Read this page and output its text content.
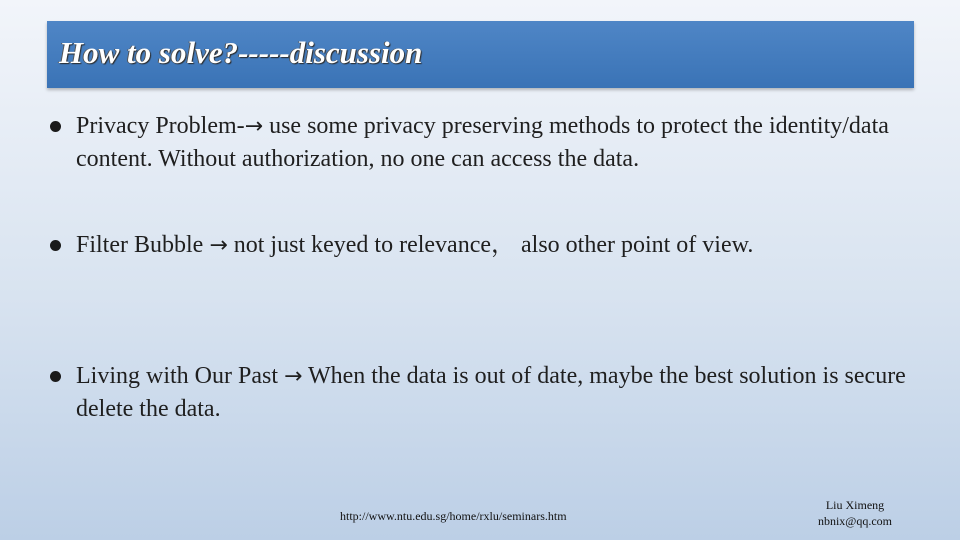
How to solve?-----discussion
Privacy Problem-→ use some privacy preserving methods to protect the identity/data content. Without authorization, no one can access the data.
Filter Bubble → not just keyed to relevance， also other point of view.
Living with Our Past → When the data is out of date, maybe the best solution is secure delete the data.
http://www.ntu.edu.sg/home/rxlu/seminars.htm
Liu Ximeng
nbnix@qq.com
